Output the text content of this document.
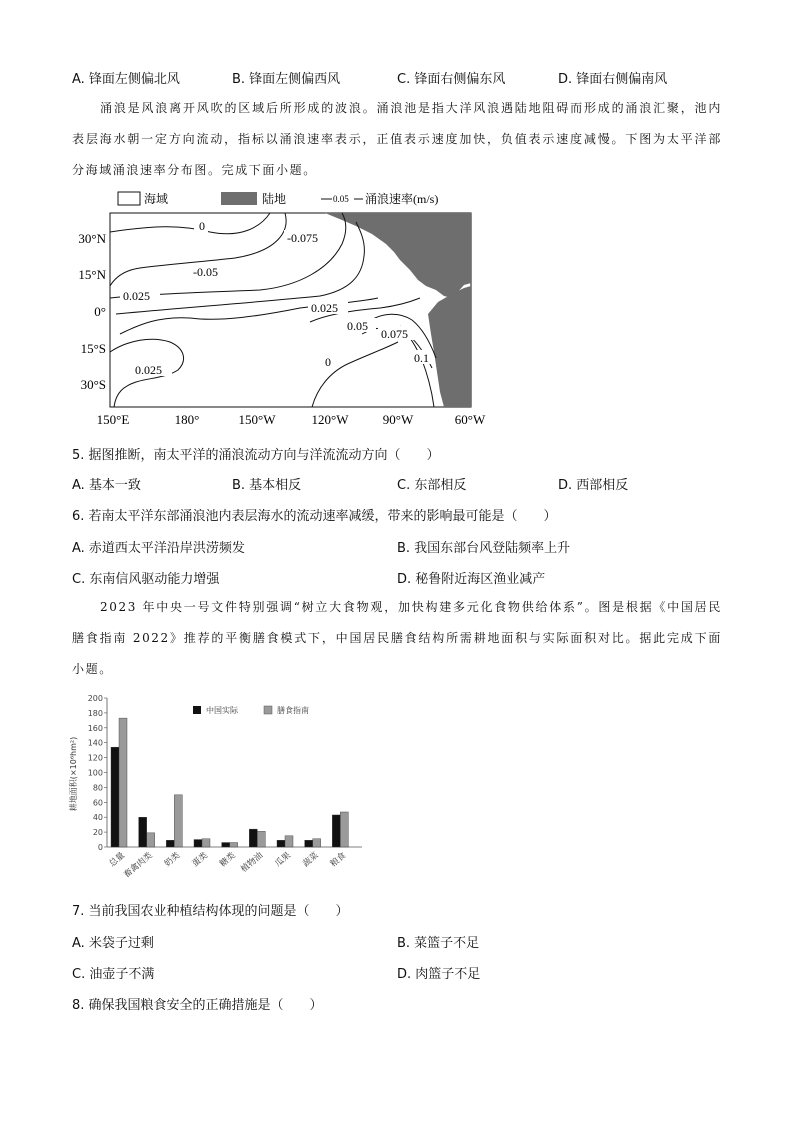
A. 锋面左侧偏北风	B. 锋面左侧偏西风	C. 锋面右侧偏东风	D. 锋面右侧偏南风
涌浪是风浪离开风吹的区域后所形成的波浪。涌浪池是指大洋风浪遇陆地阻碍而形成的涌浪汇聚，池内表层海水朝一定方向流动，指标以涌浪速率表示，正值表示速度加快，负值表示速度减慢。下图为太平洋部分海域涌浪速率分布图。完成下面小题。
海域	陆地	0.05 涌浪速率(m/s)
0
-0.075
-0.05
0.025
0.025
0.05
0.075
0.1
0
0.025
30°N
15°N
0°
15°S
30°S
150°E	180°	150°W	120°W	90°W	60°W
5. 据图推断，南太平洋的涌浪流动方向与洋流流动方向（　　）
A. 基本一致	B. 基本相反	C. 东部相反	D. 西部相反
6. 若南太平洋东部涌浪池内表层海水的流动速率减缓，带来的影响最可能是（　　）
A. 赤道西太平洋沿岸洪涝频发	B. 我国东部台风登陆频率上升
C. 东南信风驱动能力增强	D. 秘鲁附近海区渔业减产
2023 年中央一号文件特别强调“树立大食物观，加快构建多元化食物供给体系”。图是根据《中国居民膳食指南 2022》推荐的平衡膳食模式下，中国居民膳食结构所需耕地面积与实际面积对比。据此完成下面小题。
0
20
40
60
80
100
120
140
160
180
200
耕地面积(×10⁶hm²)
中国实际	膳食指南
总量
畜禽肉类 奶类 蛋类 糖类 植物油 瓜果 蔬菜 粮食
7. 当前我国农业种植结构体现的问题是（　　）
A. 米袋子过剩	B. 菜篮子不足
C. 油壶子不满	D. 肉篮子不足
8. 确保我国粮食安全的正确措施是（　　）
